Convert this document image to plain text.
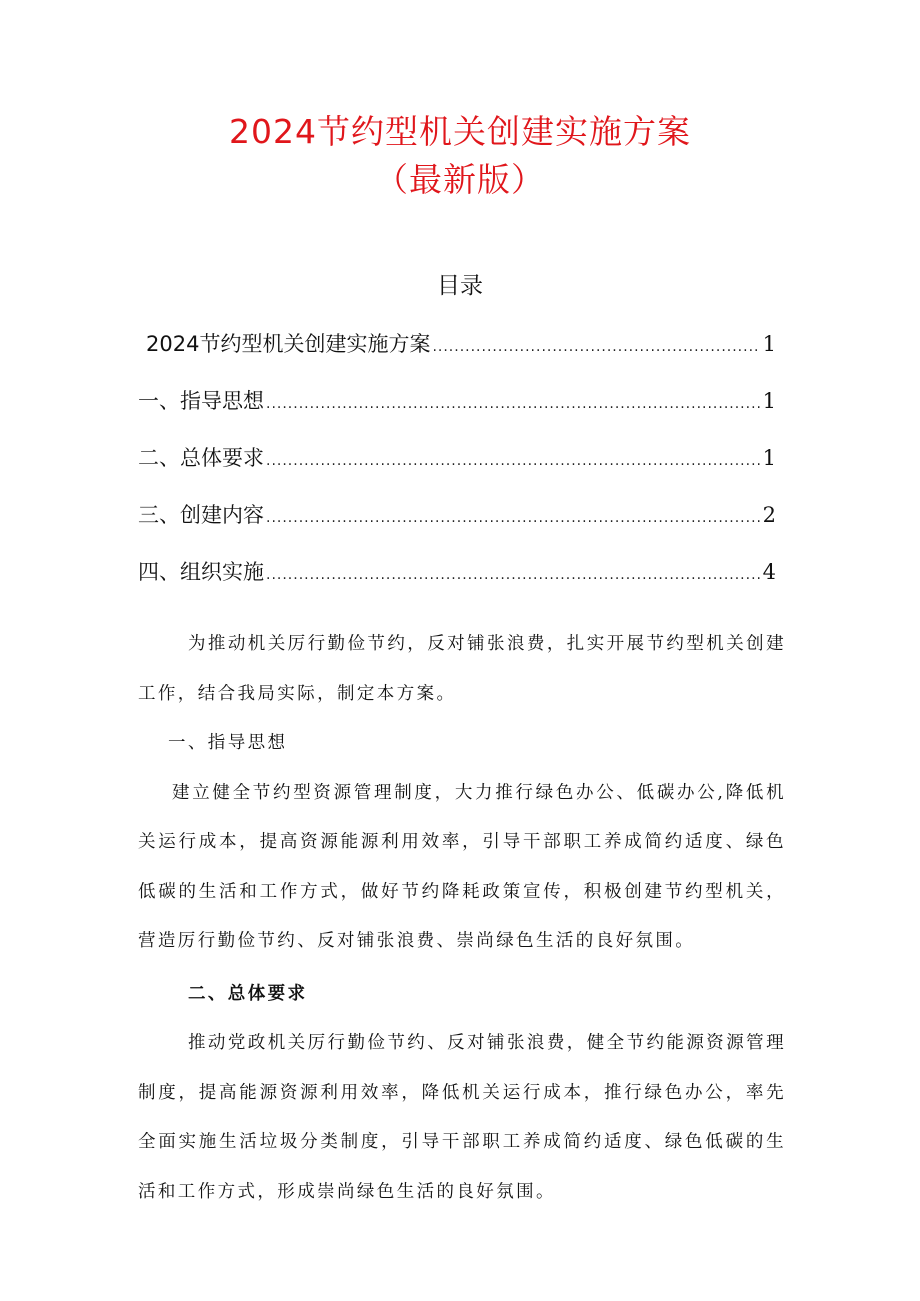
2024节约型机关创建实施方案
（最新版）
目录
2024节约型机关创建实施方案 .....	1
一、指导思想 .....	1
二、总体要求 .....	1
三、创建内容 .....	2
四、组织实施 .....	4

为推动机关厉行勤俭节约，反对铺张浪费，扎实开展节约型机关创建工作，结合我局实际，制定本方案。

一、指导思想

建立健全节约型资源管理制度，大力推行绿色办公、低碳办公,降低机关运行成本，提高资源能源利用效率，引导干部职工养成简约适度、绿色低碳的生活和工作方式，做好节约降耗政策宣传，积极创建节约型机关，营造厉行勤俭节约、反对铺张浪费、崇尚绿色生活的良好氛围。

二、总体要求

推动党政机关厉行勤俭节约、反对铺张浪费，健全节约能源资源管理制度，提高能源资源利用效率，降低机关运行成本，推行绿色办公，率先全面实施生活垃圾分类制度，引导干部职工养成简约适度、绿色低碳的生活和工作方式，形成崇尚绿色生活的良好氛围。
